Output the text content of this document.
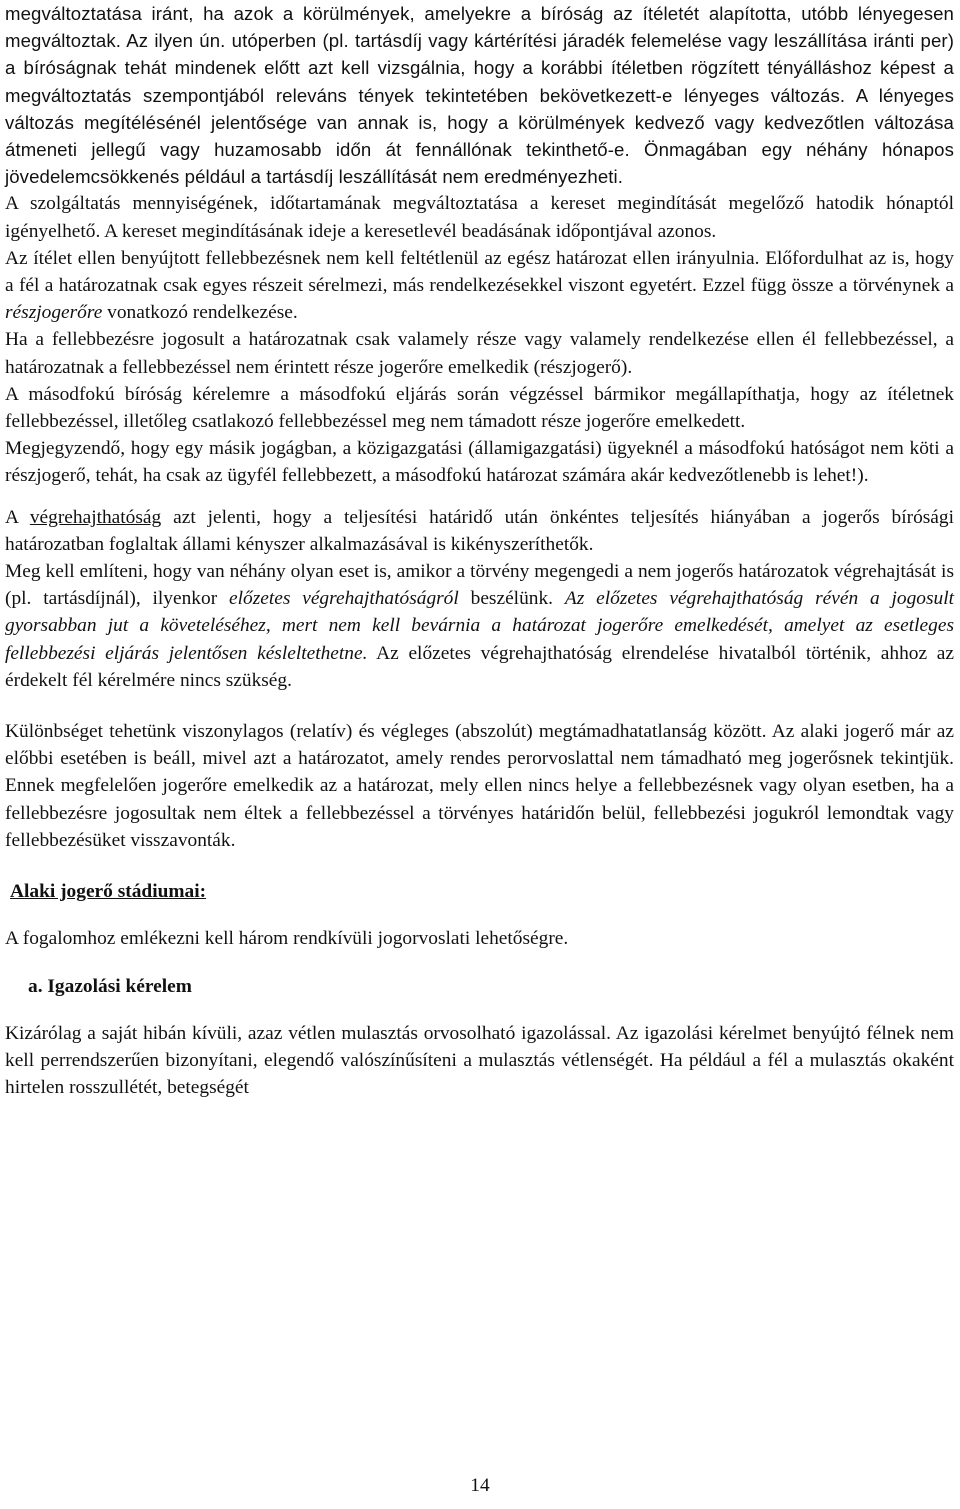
megváltoztatása iránt, ha azok a körülmények, amelyekre a bíróság az ítéletét alapította, utóbb lényegesen megváltoztak. Az ilyen ún. utóperben (pl. tartásdíj vagy kártérítési járadék felemelése vagy leszállítása iránti per) a bíróságnak tehát mindenek előtt azt kell vizsgálnia, hogy a korábbi ítéletben rögzített tényálláshoz képest a megváltoztatás szempontjából releváns tények tekintetében bekövetkezett-e lényeges változás. A lényeges változás megítélésénél jelentősége van annak is, hogy a körülmények kedvező vagy kedvezőtlen változása átmeneti jellegű vagy huzamosabb időn át fennállónak tekinthető-e. Önmagában egy néhány hónapos jövedelemcsökkenés például a tartásdíj leszállítását nem eredményezheti.
A szolgáltatás mennyiségének, időtartamának megváltoztatása a kereset megindítását megelőző hatodik hónaptól igényelhető. A kereset megindításának ideje a keresetlevél beadásának időpontjával azonos.
Az ítélet ellen benyújtott fellebbezésnek nem kell feltétlenül az egész határozat ellen irányulnia. Előfordulhat az is, hogy a fél a határozatnak csak egyes részeit sérelmezi, más rendelkezésekkel viszont egyetért. Ezzel függ össze a törvénynek a részjogerőre vonatkozó rendelkezése.
Ha a fellebbezésre jogosult a határozatnak csak valamely része vagy valamely rendelkezése ellen él fellebbezéssel, a határozatnak a fellebbezéssel nem érintett része jogerőre emelkedik (részjogerő).
A másodfokú bíróság kérelemre a másodfokú eljárás során végzéssel bármikor megállapíthatja, hogy az ítéletnek fellebbezéssel, illetőleg csatlakozó fellebbezéssel meg nem támadott része jogerőre emelkedett.
Megjegyzendő, hogy egy másik jogágban, a közigazgatási (államigazgatási) ügyeknél a másodfokú hatóságot nem köti a részjogerő, tehát, ha csak az ügyfél fellebbezett, a másodfokú határozat számára akár kedvezőtlenebb is lehet!).
A végrehajthatóság azt jelenti, hogy a teljesítési határidő után önkéntes teljesítés hiányában a jogerős bírósági határozatban foglaltak állami kényszer alkalmazásával is kikényszeríthetők.
Meg kell említeni, hogy van néhány olyan eset is, amikor a törvény megengedi a nem jogerős határozatok végrehajtását is (pl. tartásdíjnál), ilyenkor előzetes végrehajthatóságról beszélünk. Az előzetes végrehajthatóság révén a jogosult gyorsabban jut a követeléséhez, mert nem kell bevárnia a határozat jogerőre emelkedését, amelyet az esetleges fellebbezési eljárás jelentősen késleltethetne. Az előzetes végrehajthatóság elrendelése hivatalból történik, ahhoz az érdekelt fél kérelmére nincs szükség.
Különbséget tehetünk viszonylagos (relatív) és végleges (abszolút) megtámadhatatlanság között. Az alaki jogerő már az előbbi esetében is beáll, mivel azt a határozatot, amely rendes perorvoslattal nem támadható meg jogerősnek tekintjük. Ennek megfelelően jogerőre emelkedik az a határozat, mely ellen nincs helye a fellebbezésnek vagy olyan esetben, ha a fellebbezésre jogosultak nem éltek a fellebbezéssel a törvényes határidőn belül, fellebbezési jogukról lemondtak vagy fellebbezésüket visszavonták.
Alaki jogerő stádiumai:
A fogalomhoz emlékezni kell három rendkívüli jogorvoslati lehetőségre.
a. Igazolási kérelem
Kizárólag a saját hibán kívüli, azaz vétlen mulasztás orvosolható igazolással. Az igazolási kérelmet benyújtó félnek nem kell perrendszerűen bizonyítani, elegendő valószínűsíteni a mulasztás vétlenségét. Ha például a fél a mulasztás okaként hirtelen rosszullétét, betegségét
14
